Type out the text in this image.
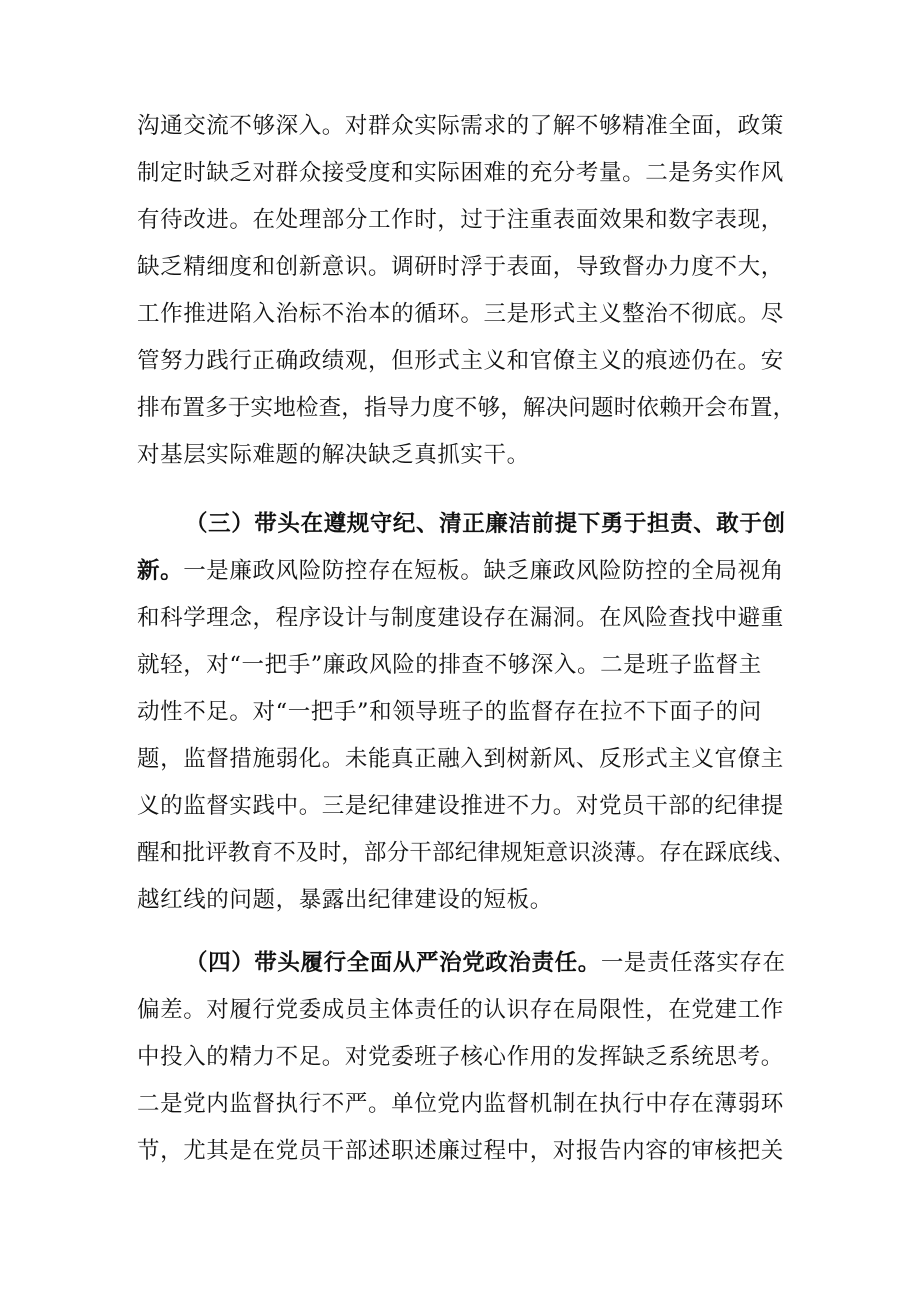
沟通交流不够深入。对群众实际需求的了解不够精准全面，政策
制定时缺乏对群众接受度和实际困难的充分考量。二是务实作风
有待改进。在处理部分工作时，过于注重表面效果和数字表现，
缺乏精细度和创新意识。调研时浮于表面，导致督办力度不大，
工作推进陷入治标不治本的循环。三是形式主义整治不彻底。尽
管努力践行正确政绩观，但形式主义和官僚主义的痕迹仍在。安
排布置多于实地检查，指导力度不够，解决问题时依赖开会布置，
对基层实际难题的解决缺乏真抓实干。
（三）带头在遵规守纪、清正廉洁前提下勇于担责、敢于创
新。一是廉政风险防控存在短板。缺乏廉政风险防控的全局视角
和科学理念，程序设计与制度建设存在漏洞。在风险查找中避重
就轻，对“一把手”廉政风险的排查不够深入。二是班子监督主
动性不足。对“一把手”和领导班子的监督存在拉不下面子的问
题，监督措施弱化。未能真正融入到树新风、反形式主义官僚主
义的监督实践中。三是纪律建设推进不力。对党员干部的纪律提
醒和批评教育不及时，部分干部纪律规矩意识淡薄。存在踩底线、
越红线的问题，暴露出纪律建设的短板。
（四）带头履行全面从严治党政治责任。一是责任落实存在
偏差。对履行党委成员主体责任的认识存在局限性，在党建工作
中投入的精力不足。对党委班子核心作用的发挥缺乏系统思考。
二是党内监督执行不严。单位党内监督机制在执行中存在薄弱环
节，尤其是在党员干部述职述廉过程中，对报告内容的审核把关
